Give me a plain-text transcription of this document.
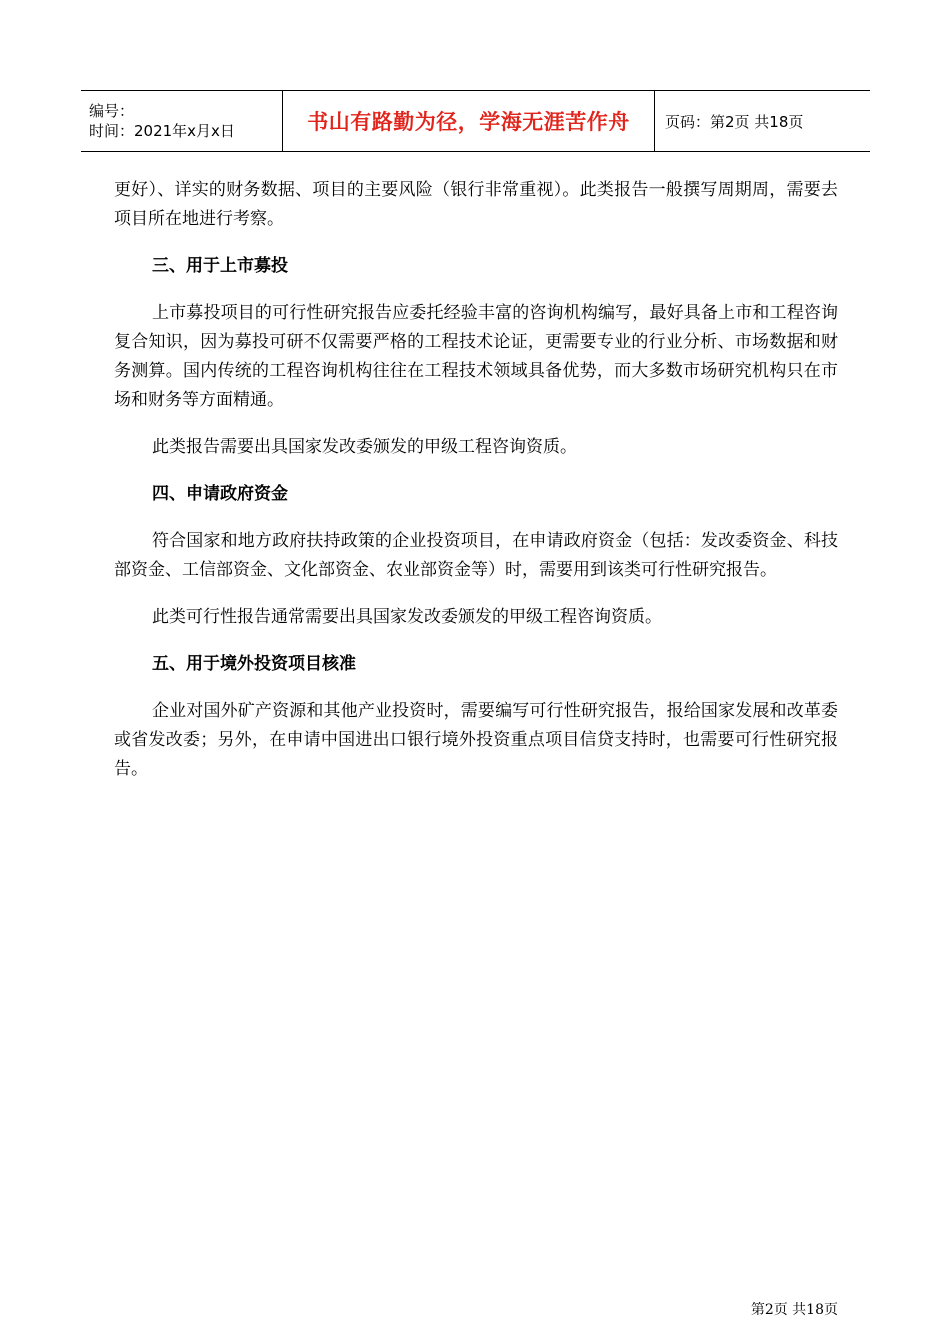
编号：
时间：2021年x月x日	书山有路勤为径，学海无涯苦作舟 页码：第2页 共18页

更好）、详实的财务数据、项目的主要风险（银行非常重视）。此类报告一般撰写周期周，需要去项目所在地进行考察。

三、用于上市募投

上市募投项目的可行性研究报告应委托经验丰富的咨询机构编写，最好具备上市和工程咨询复合知识，因为募投可研不仅需要严格的工程技术论证，更需要专业的行业分析、市场数据和财务测算。国内传统的工程咨询机构往往在工程技术领域具备优势，而大多数市场研究机构只在市场和财务等方面精通。

此类报告需要出具国家发改委颁发的甲级工程咨询资质。

四、申请政府资金

符合国家和地方政府扶持政策的企业投资项目，在申请政府资金（包括：发改委资金、科技部资金、工信部资金、文化部资金、农业部资金等）时，需要用到该类可行性研究报告。

此类可行性报告通常需要出具国家发改委颁发的甲级工程咨询资质。

五、用于境外投资项目核准

企业对国外矿产资源和其他产业投资时，需要编写可行性研究报告，报给国家发展和改革委或省发改委；另外，在申请中国进出口银行境外投资重点项目信贷支持时，也需要可行性研究报告。

第2页 共18页
